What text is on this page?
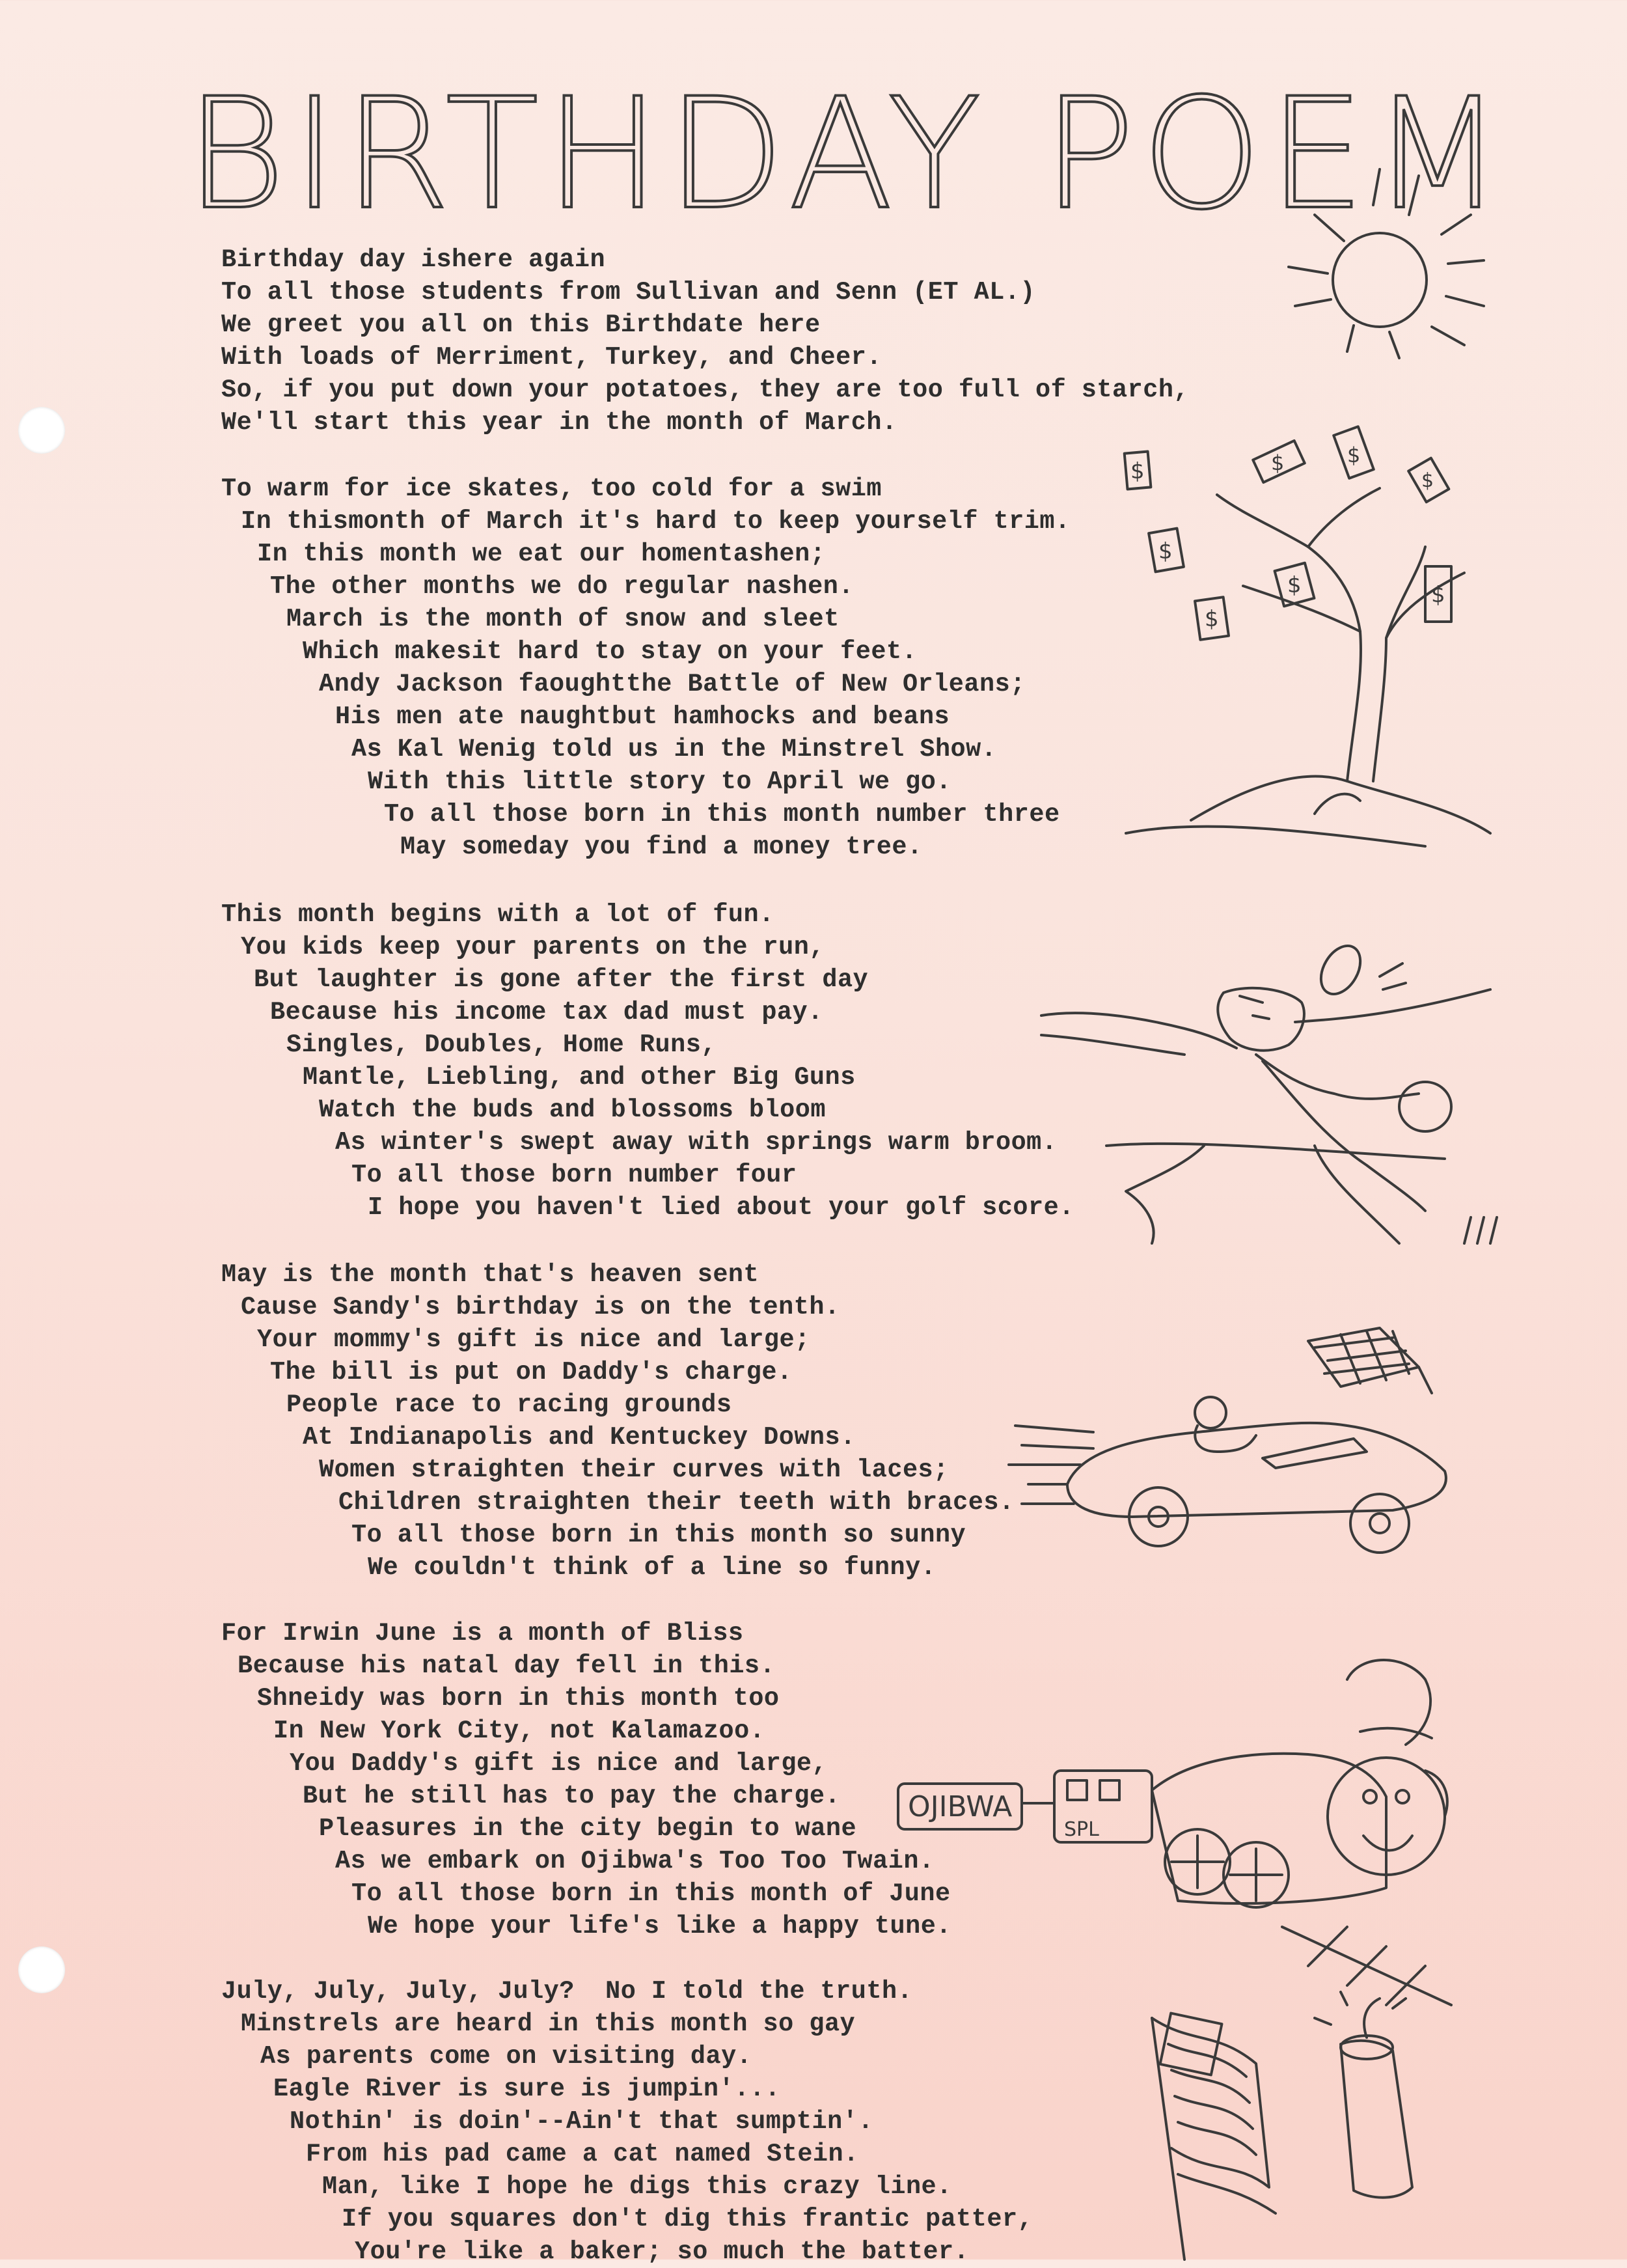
BIRTHDAY POEM
$	$	$
$
$
$
$
$
OJIBWA
SPL
Birthday day ishere again
To all those students from Sullivan and Senn (ET AL.)
We greet you all on this Birthdate here
With loads of Merriment, Turkey, and Cheer.
So, if you put down your potatoes, they are too full of starch,
We'll start this year in the month of March.
To warm for ice skates, too cold for a swim
In thismonth of March it's hard to keep yourself trim.
In this month we eat our homentashen;
The other months we do regular nashen.
March is the month of snow and sleet
Which makesit hard to stay on your feet.
Andy Jackson faoughtthe Battle of New Orleans;
His men ate naughtbut hamhocks and beans
As Kal Wenig told us in the Minstrel Show.
With this little story to April we go.
To all those born in this month number three
May someday you find a money tree.
This month begins with a lot of fun.
You kids keep your parents on the run,
But laughter is gone after the first day
Because his income tax dad must pay.
Singles, Doubles, Home Runs,
Mantle, Liebling, and other Big Guns
Watch the buds and blossoms bloom
As winter's swept away with springs warm broom.
To all those born number four
I hope you haven't lied about your golf score.
May is the month that's heaven sent
Cause Sandy's birthday is on the tenth.
Your mommy's gift is nice and large;
The bill is put on Daddy's charge.
People race to racing grounds
At Indianapolis and Kentuckey Downs.
Women straighten their curves with laces;
Children straighten their teeth with braces.
To all those born in this month so sunny
We couldn't think of a line so funny.
For Irwin June is a month of Bliss
Because his natal day fell in this.
Shneidy was born in this month too
In New York City, not Kalamazoo.
You Daddy's gift is nice and large,
But he still has to pay the charge.
Pleasures in the city begin to wane
As we embark on Ojibwa's Too Too Twain.
To all those born in this month of June
We hope your life's like a happy tune.
July, July, July, July?  No I told the truth.
Minstrels are heard in this month so gay
As parents come on visiting day.
Eagle River is sure is jumpin'...
Nothin' is doin'--Ain't that sumptin'.
From his pad came a cat named Stein.
Man, like I hope he digs this crazy line.
If you squares don't dig this frantic patter,
You're like a baker; so much the batter.
